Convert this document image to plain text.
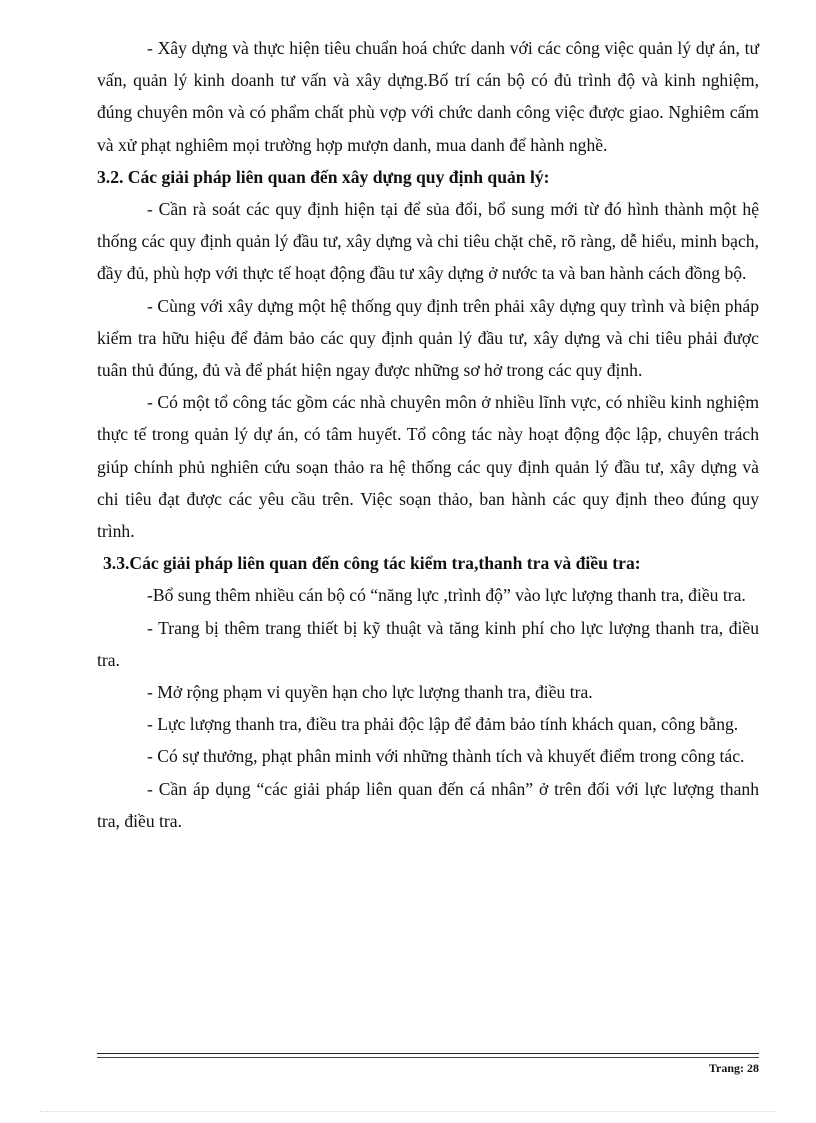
- Xây dựng và thực hiện tiêu chuẩn hoá chức danh với các công việc quản lý dự án, tư vấn, quản lý kinh doanh tư vấn và xây dựng.Bố trí cán bộ có đủ trình độ và kinh nghiệm, đúng chuyên môn và có phẩm chất phù vợp với chức danh công việc được giao. Nghiêm cấm và xử phạt nghiêm mọi trường hợp mượn danh, mua danh để hành nghề.

3.2. Các giải pháp liên quan đến xây dựng quy định quản lý:

- Cần rà soát các quy định hiện tại để sủa đổi, bổ sung mới từ đó hình thành một hệ thống các quy định quản lý đầu tư, xây dựng và chi tiêu chặt chẽ, rõ ràng, dễ hiểu, minh bạch, đầy đủ, phù hợp với thực tế hoạt động đầu tư xây dựng ở nước ta và ban hành cách đồng bộ.

- Cùng với xây dựng một hệ thống quy định trên phải xây dựng quy trình và biện pháp kiểm tra hữu hiệu để đảm bảo các quy định quản lý đầu tư, xây dựng và chi tiêu phải được tuân thủ đúng, đủ và để phát hiện ngay được những sơ hở trong các quy định.

- Có một tổ công tác gồm các nhà chuyên môn ở nhiều lĩnh vực, có nhiều kinh nghiệm thực tế trong quản lý dự án, có tâm huyết. Tổ công tác này hoạt động độc lập, chuyên trách giúp chính phủ nghiên cứu soạn thảo ra hệ thống các quy định quản lý đầu tư, xây dựng và chi tiêu đạt được các yêu cầu trên. Việc soạn thảo, ban hành các quy định theo đúng quy trình.

3.3.Các giải pháp liên quan đến công tác kiểm tra,thanh tra và điều tra:

-Bổ sung thêm nhiều cán bộ có “năng lực ,trình độ” vào lực lượng thanh tra, điều tra.

- Trang bị thêm trang thiết bị kỹ thuật và tăng kinh phí cho lực lượng thanh tra, điều tra.

- Mở rộng phạm vi quyền hạn cho lực lượng thanh tra, điều tra.

- Lực lượng thanh tra, điều tra phải độc lập để đảm bảo tính khách quan, công bằng.

- Có sự thưởng, phạt phân minh với những thành tích và khuyết điểm trong công tác.

- Cần áp dụng “các giải pháp liên quan đến cá nhân” ở trên đối với lực lượng thanh tra, điều tra.

Trang: 28
